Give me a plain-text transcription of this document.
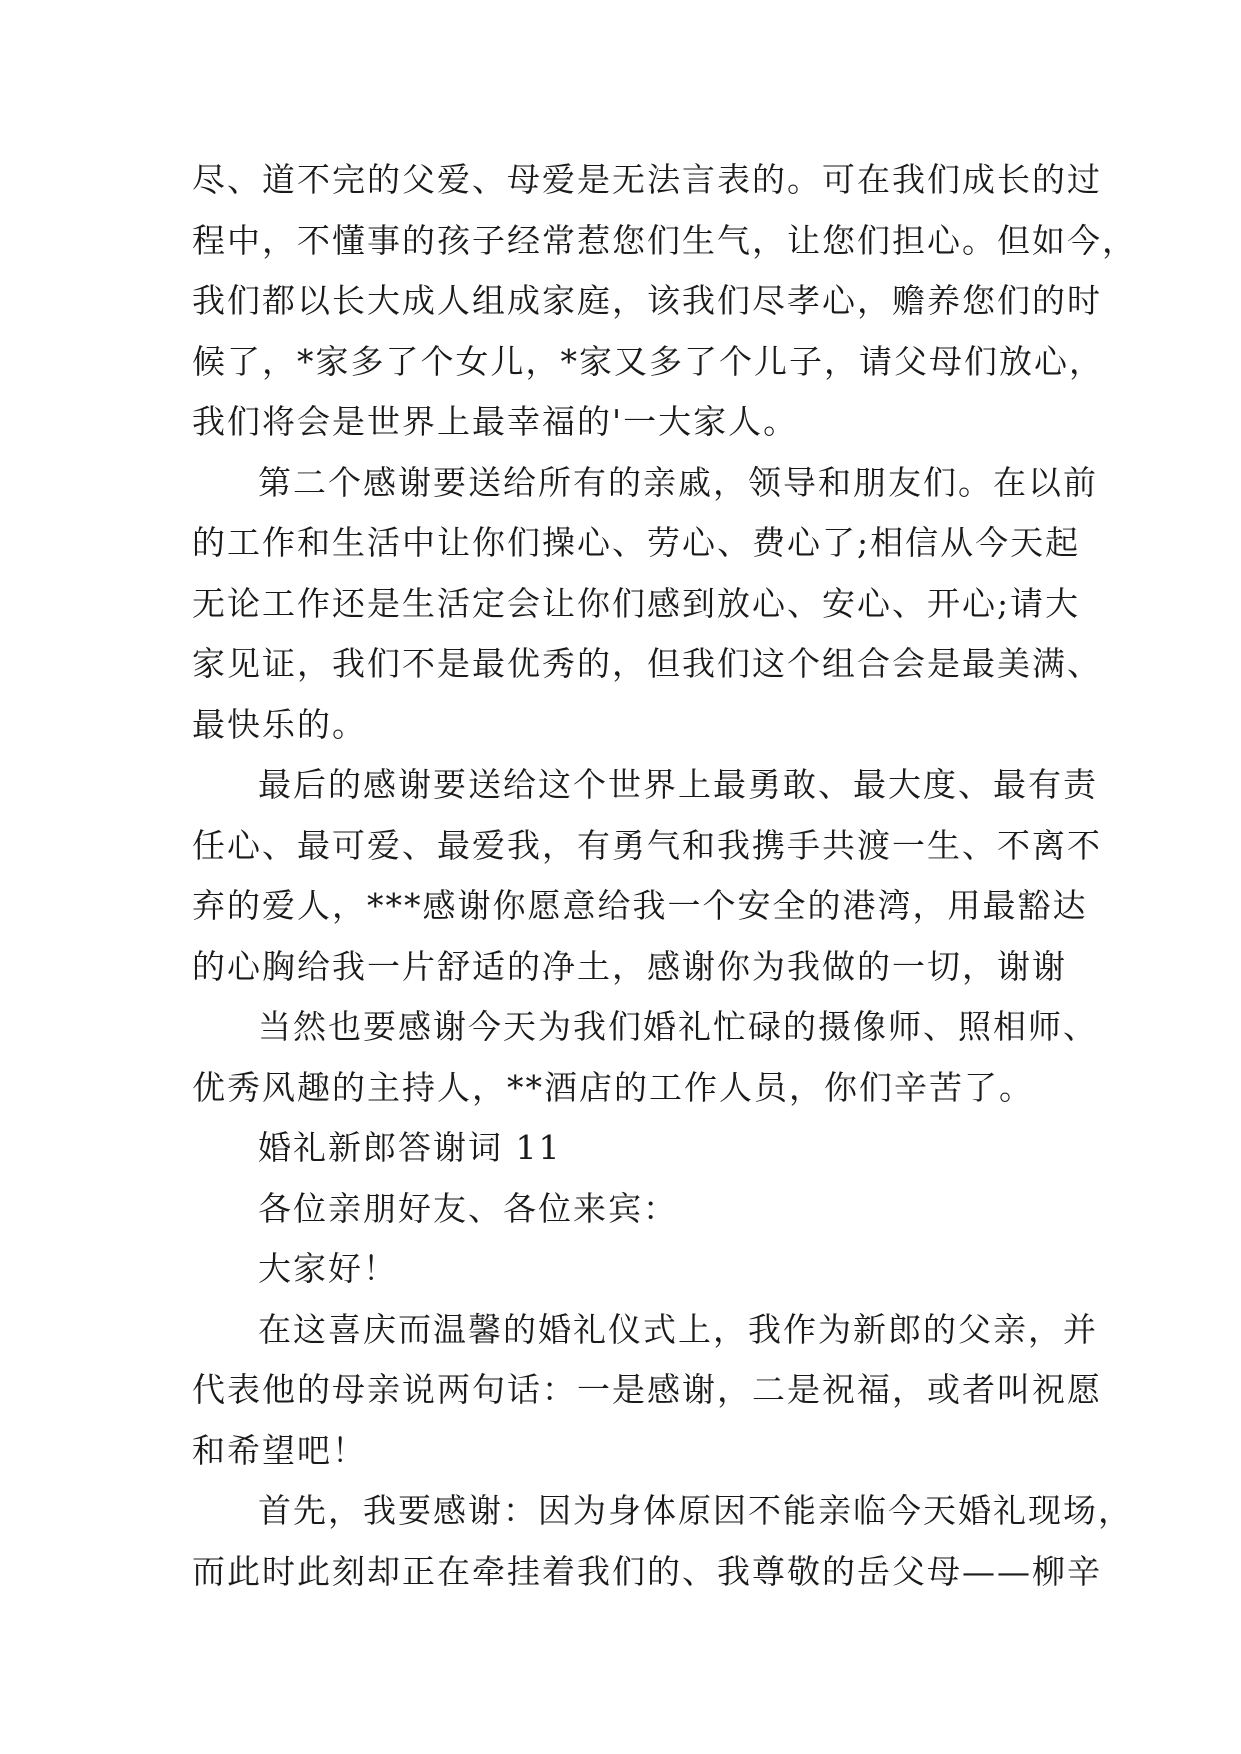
尽、道不完的父爱、母爱是无法言表的。可在我们成长的过
程中，不懂事的孩子经常惹您们生气，让您们担心。但如今，
我们都以长大成人组成家庭，该我们尽孝心，赡养您们的时
候了，*家多了个女儿，*家又多了个儿子，请父母们放心，
我们将会是世界上最幸福的'一大家人。
第二个感谢要送给所有的亲戚，领导和朋友们。在以前
的工作和生活中让你们操心、劳心、费心了;相信从今天起
无论工作还是生活定会让你们感到放心、安心、开心;请大
家见证，我们不是最优秀的，但我们这个组合会是最美满、
最快乐的。
最后的感谢要送给这个世界上最勇敢、最大度、最有责
任心、最可爱、最爱我，有勇气和我携手共渡一生、不离不
弃的爱人，***感谢你愿意给我一个安全的港湾，用最豁达
的心胸给我一片舒适的净土，感谢你为我做的一切，谢谢
当然也要感谢今天为我们婚礼忙碌的摄像师、照相师、
优秀风趣的主持人，**酒店的工作人员，你们辛苦了。
婚礼新郎答谢词 11
各位亲朋好友、各位来宾：
大家好！
在这喜庆而温馨的婚礼仪式上，我作为新郎的父亲，并
代表他的母亲说两句话：一是感谢，二是祝福，或者叫祝愿
和希望吧！
首先，我要感谢：因为身体原因不能亲临今天婚礼现场，
而此时此刻却正在牵挂着我们的、我尊敬的岳父母——柳辛
